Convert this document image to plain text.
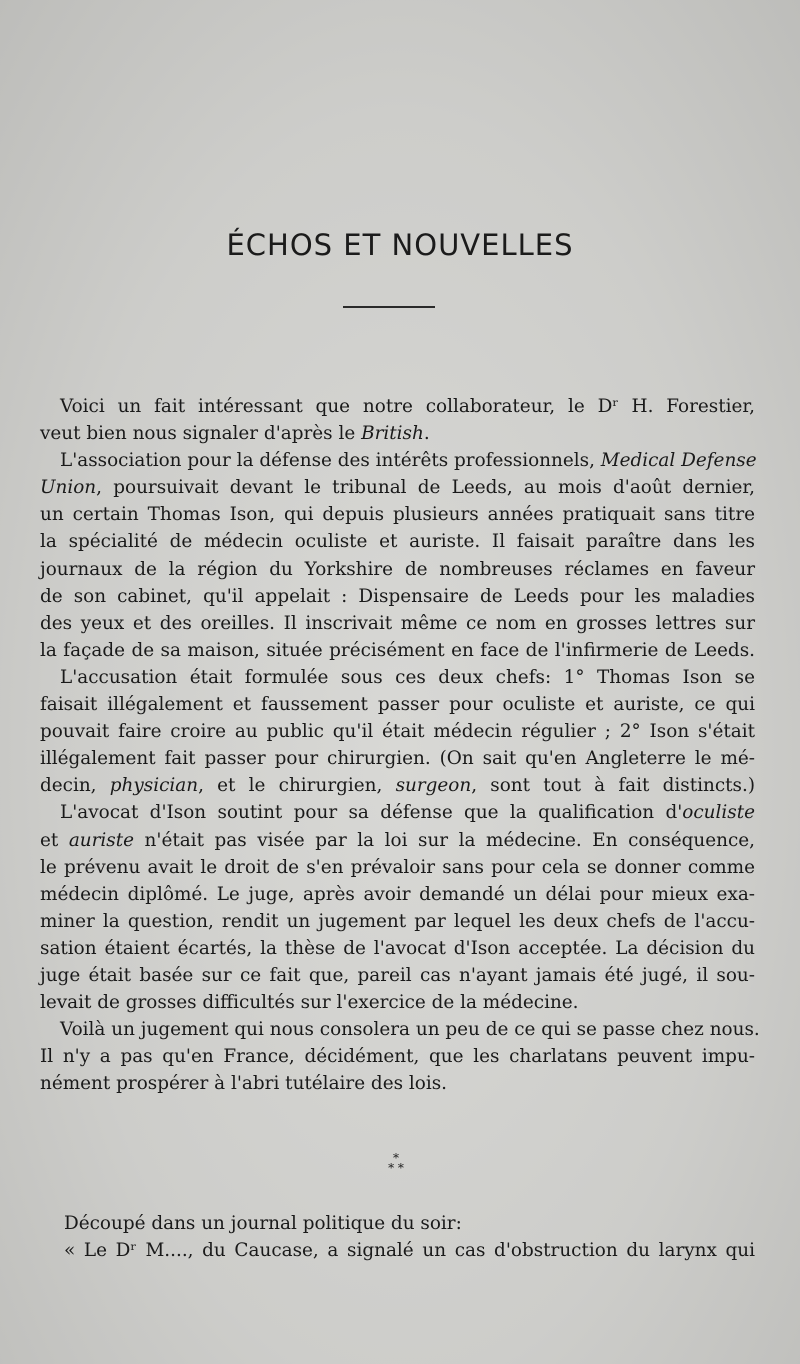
ÉCHOS ET NOUVELLES
Voici un fait intéressant que notre collaborateur, le Dʳ H. Forestier,
veut bien nous signaler d'après le British.
L'association pour la défense des intérêts professionnels, Medical Defense
Union, poursuivait devant le tribunal de Leeds, au mois d'août dernier,
un certain Thomas Ison, qui depuis plusieurs années pratiquait sans titre
la spécialité de médecin oculiste et auriste. Il faisait paraître dans les
journaux de la région du Yorkshire de nombreuses réclames en faveur
de son cabinet, qu'il appelait : Dispensaire de Leeds pour les maladies
des yeux et des oreilles. Il inscrivait même ce nom en grosses lettres sur
la façade de sa maison, située précisément en face de l'infirmerie de Leeds.
L'accusation était formulée sous ces deux chefs: 1° Thomas Ison se
faisait illégalement et faussement passer pour oculiste et auriste, ce qui
pouvait faire croire au public qu'il était médecin régulier ; 2° Ison s'était
illégalement fait passer pour chirurgien. (On sait qu'en Angleterre le mé-
decin, physician, et le chirurgien, surgeon, sont tout à fait distincts.)
L'avocat d'Ison soutint pour sa défense que la qualification d'oculiste
et auriste n'était pas visée par la loi sur la médecine. En conséquence,
le prévenu avait le droit de s'en prévaloir sans pour cela se donner comme
médecin diplômé. Le juge, après avoir demandé un délai pour mieux exa-
miner la question, rendit un jugement par lequel les deux chefs de l'accu-
sation étaient écartés, la thèse de l'avocat d'Ison acceptée. La décision du
juge était basée sur ce fait que, pareil cas n'ayant jamais été jugé, il sou-
levait de grosses difficultés sur l'exercice de la médecine.
Voilà un jugement qui nous consolera un peu de ce qui se passe chez nous.
Il n'y a pas qu'en France, décidément, que les charlatans peuvent impu-
nément prospérer à l'abri tutélaire des lois.
*
* *
Découpé dans un journal politique du soir:
« Le Dʳ M...., du Caucase, a signalé un cas d'obstruction du larynx qui
